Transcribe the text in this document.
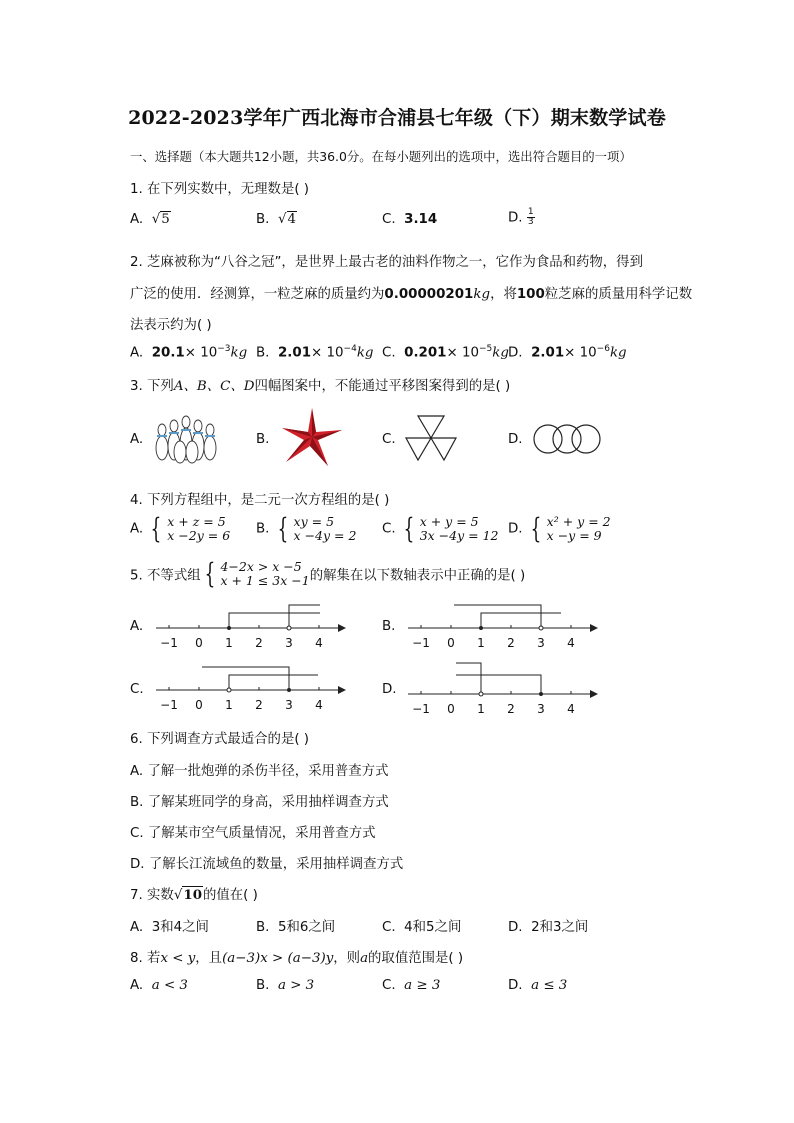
2022-2023学年广西北海市合浦县七年级（下）期末数学试卷
一、选择题（本大题共12小题，共36.0分。在每小题列出的选项中，选出符合题目的一项）
1. 在下列实数中，无理数是( )
A. √5	B. √4	C. 3.14	D. $\frac{1}{3}$
2. 芝麻被称为“八谷之冠”，是世界上最古老的油料作物之一，它作为食品和药物，得到
广泛的使用．经测算，一粒芝麻的质量约为0.00000201kg，将100粒芝麻的质量用科学记数
法表示约为( )
A. $20.1\times 10^{-3}kg$ B. $2.01\times 10^{-4}kg$ C. $0.201\times 10^{-5}kg$ D. $2.01\times 10^{-6}kg$
3. 下列A、B、C、D四幅图案中，不能通过平移图案得到的是( )
A.	B.	C.	D.
4. 下列方程组中，是二元一次方程组的是( )
A. { x + z = 5
x −2y = 6 B. { xy = 5
x −4y = 2 C. { x + y = 5
3x −4y = 12 D. { x² + y = 2
x −y = 9
5. 不等式组 { 4−2x > x −5
x + 1 ≤ 3x −1 的解集在以下数轴表示中正确的是( )
A.	B.
C.	D.
−1 0 1 2 3 4	−1 0 1 2 3 4
−1 0 1 2 3 4	−1 0 1 2 3 4
6. 下列调查方式最适合的是( )
A. 了解一批炮弹的杀伤半径，采用普查方式
B. 了解某班同学的身高，采用抽样调查方式
C. 了解某市空气质量情况，采用普查方式
D. 了解长江流域鱼的数量，采用抽样调查方式
7. 实数√10的值在( )
A. 3和4之间	B. 5和6之间	C. 4和5之间	D. 2和3之间
8. 若x < y，且(a−3)x > (a−3)y，则a的取值范围是( )
A. a < 3	B. a > 3	C. a ≥ 3	D. a ≤ 3
